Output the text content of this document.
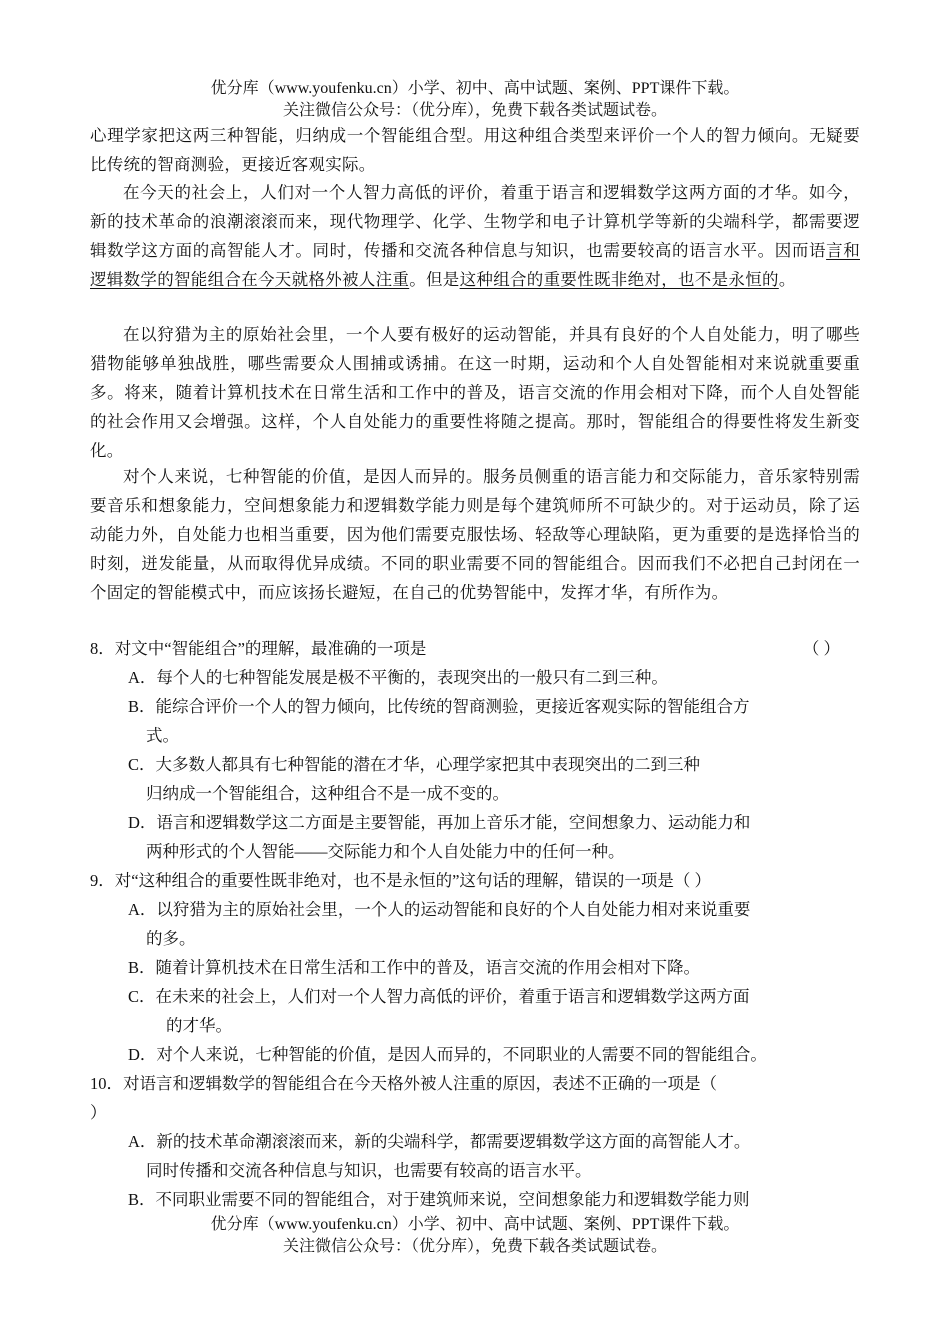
优分库（www.youfenku.cn）小学、初中、高中试题、案例、PPT课件下载。
关注微信公众号：（优分库），免费下载各类试题试卷。
心理学家把这两三种智能，归纳成一个智能组合型。用这种组合类型来评价一个人的智力倾向。无疑要比传统的智商测验，更接近客观实际。
在今天的社会上，人们对一个人智力高低的评价，着重于语言和逻辑数学这两方面的才华。如今，新的技术革命的浪潮滚滚而来，现代物理学、化学、生物学和电子计算机学等新的尖端科学，都需要逻辑数学这方面的高智能人才。同时，传播和交流各种信息与知识，也需要较高的语言水平。因而语言和逻辑数学的智能组合在今天就格外被人注重。但是这种组合的重要性既非绝对，也不是永恒的。
在以狩猎为主的原始社会里，一个人要有极好的运动智能，并具有良好的个人自处能力，明了哪些猎物能够单独战胜，哪些需要众人围捕或诱捕。在这一时期，运动和个人自处智能相对来说就重要重多。将来，随着计算机技术在日常生活和工作中的普及，语言交流的作用会相对下降，而个人自处智能的社会作用又会增强。这样，个人自处能力的重要性将随之提高。那时，智能组合的得要性将发生新变化。
对个人来说，七种智能的价值，是因人而异的。服务员侧重的语言能力和交际能力，音乐家特别需要音乐和想象能力，空间想象能力和逻辑数学能力则是每个建筑师所不可缺少的。对于运动员，除了运动能力外，自处能力也相当重要，因为他们需要克服怯场、轻敌等心理缺陷，更为重要的是选择恰当的时刻，迸发能量，从而取得优异成绩。不同的职业需要不同的智能组合。因而我们不必把自己封闭在一个固定的智能模式中，而应该扬长避短，在自己的优势智能中，发挥才华，有所作为。
8．对文中“智能组合”的理解，最准确的一项是	（ ）
A．每个人的七种智能发展是极不平衡的，表现突出的一般只有二到三种。
B．能综合评价一个人的智力倾向，比传统的智商测验，更接近客观实际的智能组合方
式。
C．大多数人都具有七种智能的潜在才华，心理学家把其中表现突出的二到三种
归纳成一个智能组合，这种组合不是一成不变的。
D．语言和逻辑数学这二方面是主要智能，再加上音乐才能，空间想象力、运动能力和
两种形式的个人智能——交际能力和个人自处能力中的任何一种。
9．对“这种组合的重要性既非绝对，也不是永恒的”这句话的理解，错误的一项是（ ）
A．以狩猎为主的原始社会里，一个人的运动智能和良好的个人自处能力相对来说重要
的多。
B．随着计算机技术在日常生活和工作中的普及，语言交流的作用会相对下降。
C．在未来的社会上，人们对一个人智力高低的评价，着重于语言和逻辑数学这两方面
的才华。
D．对个人来说，七种智能的价值，是因人而异的，不同职业的人需要不同的智能组合。
10．对语言和逻辑数学的智能组合在今天格外被人注重的原因，表述不正确的一项是（
）
A．新的技术革命潮滚滚而来，新的尖端科学，都需要逻辑数学这方面的高智能人才。
同时传播和交流各种信息与知识，也需要有较高的语言水平。
B．不同职业需要不同的智能组合，对于建筑师来说，空间想象能力和逻辑数学能力则
优分库（www.youfenku.cn）小学、初中、高中试题、案例、PPT课件下载。
关注微信公众号：（优分库），免费下载各类试题试卷。
